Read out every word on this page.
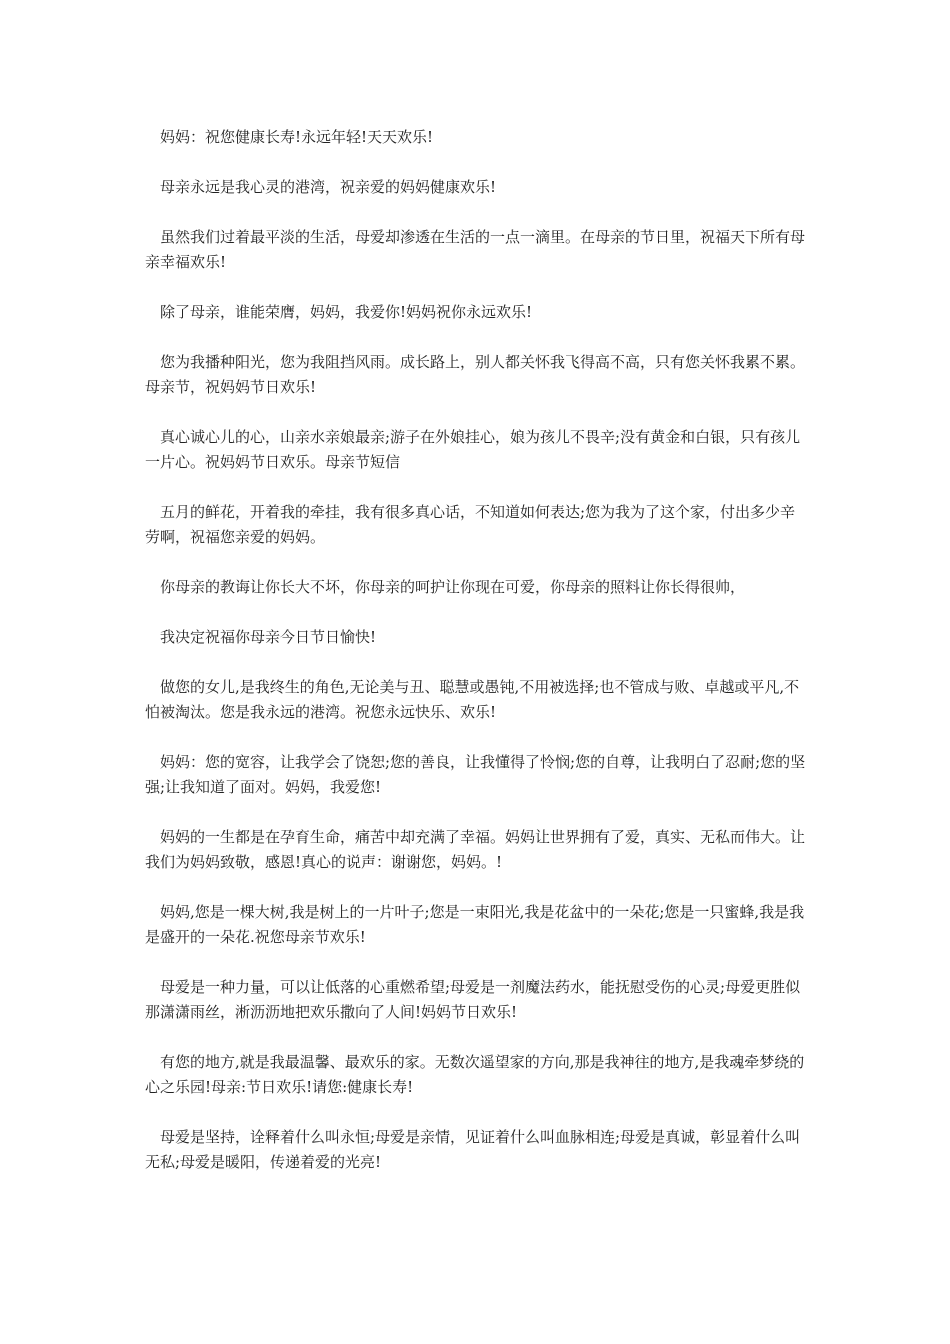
妈妈：祝您健康长寿!永远年轻!天天欢乐!

母亲永远是我心灵的港湾，祝亲爱的妈妈健康欢乐!

虽然我们过着最平淡的生活，母爱却渗透在生活的一点一滴里。在母亲的节日里，祝福天下所有母亲幸福欢乐!

除了母亲，谁能荣膺，妈妈，我爱你!妈妈祝你永远欢乐!

您为我播种阳光，您为我阻挡风雨。成长路上，别人都关怀我飞得高不高，只有您关怀我累不累。母亲节，祝妈妈节日欢乐!

真心诚心儿的心，山亲水亲娘最亲;游子在外娘挂心，娘为孩儿不畏辛;没有黄金和白银，只有孩儿一片心。祝妈妈节日欢乐。母亲节短信

五月的鲜花，开着我的牵挂，我有很多真心话，不知道如何表达;您为我为了这个家，付出多少辛劳啊，祝福您亲爱的妈妈。

你母亲的教诲让你长大不坏，你母亲的呵护让你现在可爱，你母亲的照料让你长得很帅，

我决定祝福你母亲今日节日愉快!

做您的女儿,是我终生的角色,无论美与丑、聪慧或愚钝,不用被选择;也不管成与败、卓越或平凡,不怕被淘汰。您是我永远的港湾。祝您永远快乐、欢乐!

妈妈：您的宽容，让我学会了饶恕;您的善良，让我懂得了怜悯;您的自尊，让我明白了忍耐;您的坚强;让我知道了面对。妈妈，我爱您!

妈妈的一生都是在孕育生命，痛苦中却充满了幸福。妈妈让世界拥有了爱，真实、无私而伟大。让我们为妈妈致敬，感恩!真心的说声：谢谢您，妈妈。!

妈妈,您是一棵大树,我是树上的一片叶子;您是一束阳光,我是花盆中的一朵花;您是一只蜜蜂,我是我是盛开的一朵花.祝您母亲节欢乐!

母爱是一种力量，可以让低落的心重燃希望;母爱是一剂魔法药水，能抚慰受伤的心灵;母爱更胜似那潇潇雨丝，淅沥沥地把欢乐撒向了人间!妈妈节日欢乐!

有您的地方,就是我最温馨、最欢乐的家。无数次遥望家的方向,那是我神往的地方,是我魂牵梦绕的心之乐园!母亲:节日欢乐!请您:健康长寿!

母爱是坚持，诠释着什么叫永恒;母爱是亲情，见证着什么叫血脉相连;母爱是真诚，彰显着什么叫无私;母爱是暖阳，传递着爱的光亮!
